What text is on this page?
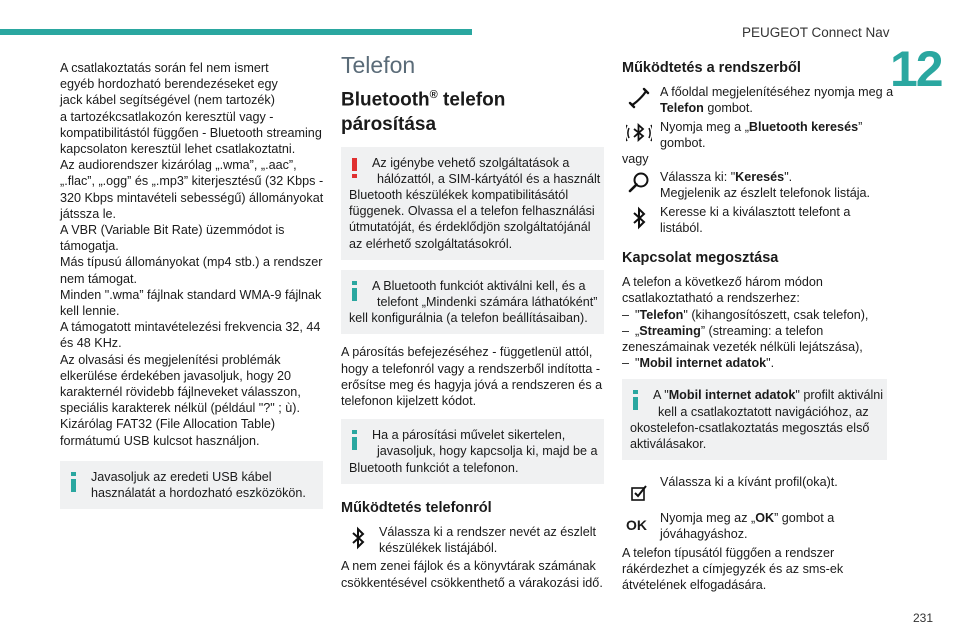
PEUGEOT Connect Nav
12
231
A csatlakoztatás során fel nem ismert
egyéb hordozható berendezéseket egy
jack kábel segítségével (nem tartozék)
a tartozékcsatlakozón keresztül vagy -
kompatibilitástól függően - Bluetooth streaming
kapcsolaton keresztül lehet csatlakoztatni.
Az audiorendszer kizárólag „.wma”, „.aac”,
„.flac”, „.ogg” és „.mp3” kiterjesztésű (32 Kbps -
320 Kbps mintavételi sebességű) állományokat
játssza le.
A VBR (Variable Bit Rate) üzemmódot is
támogatja.
Más típusú állományokat (mp4 stb.) a rendszer
nem támogat.
Minden ".wma” fájlnak standard WMA-9 fájlnak
kell lennie.
A támogatott mintavételezési frekvencia 32, 44
és 48 KHz.
Az olvasási és megjelenítési problémák
elkerülése érdekében javasoljuk, hogy 20
karakternél rövidebb fájlneveket válasszon,
speciális karakterek nélkül (például "?" ; ù).
Kizárólag FAT32 (File Allocation Table)
formátumú USB kulcsot használjon.
Javasoljuk az eredeti USB kábel
használatát a hordozható eszközökön.
Telefon
Bluetooth® telefon
párosítása
Az igénybe vehető szolgáltatások a
hálózattól, a SIM-kártyától és a használt
Bluetooth készülékek kompatibilitásától
függenek. Olvassa el a telefon felhasználási
útmutatóját, és érdeklődjön szolgáltatójánál
az elérhető szolgáltatásokról.
A Bluetooth funkciót aktiválni kell, és a
telefont „Mindenki számára láthatóként”
kell konfigurálnia (a telefon beállításaiban).
A párosítás befejezéséhez - függetlenül attól,
hogy a telefonról vagy a rendszerből indította -
erősítse meg és hagyja jóvá a rendszeren és a
telefonon kijelzett kódot.
Ha a párosítási művelet sikertelen,
javasoljuk, hogy kapcsolja ki, majd be a
Bluetooth funkciót a telefonon.
Működtetés telefonról
Válassza ki a rendszer nevét az észlelt
készülékek listájából.
A nem zenei fájlok és a könyvtárak számának
csökkentésével csökkenthető a várakozási idő.
Működtetés a rendszerből
A főoldal megjelenítéséhez nyomja meg a
Telefon gombot.
Nyomja meg a „Bluetooth keresés”
gombot.
vagy
Válassza ki: "Keresés".
Megjelenik az észlelt telefonok listája.
Keresse ki a kiválasztott telefont a
listából.
Kapcsolat megosztása
A telefon a következő három módon
csatlakoztatható a rendszerhez:
– "Telefon" (kihangosítószett, csak telefon),
– „Streaming” (streaming: a telefon
zeneszámainak vezeték nélküli lejátszása),
– "Mobil internet adatok".
A "Mobil internet adatok" profilt aktiválni
kell a csatlakoztatott navigációhoz, az
okostelefon-csatlakoztatás megosztás első
aktiválásakor.
Válassza ki a kívánt profil(oka)t.
OK	Nyomja meg az „OK” gombot a
jóváhagyáshoz.
A telefon típusától függően a rendszer
rákérdezhet a címjegyzék és az sms-ek
átvételének elfogadására.
